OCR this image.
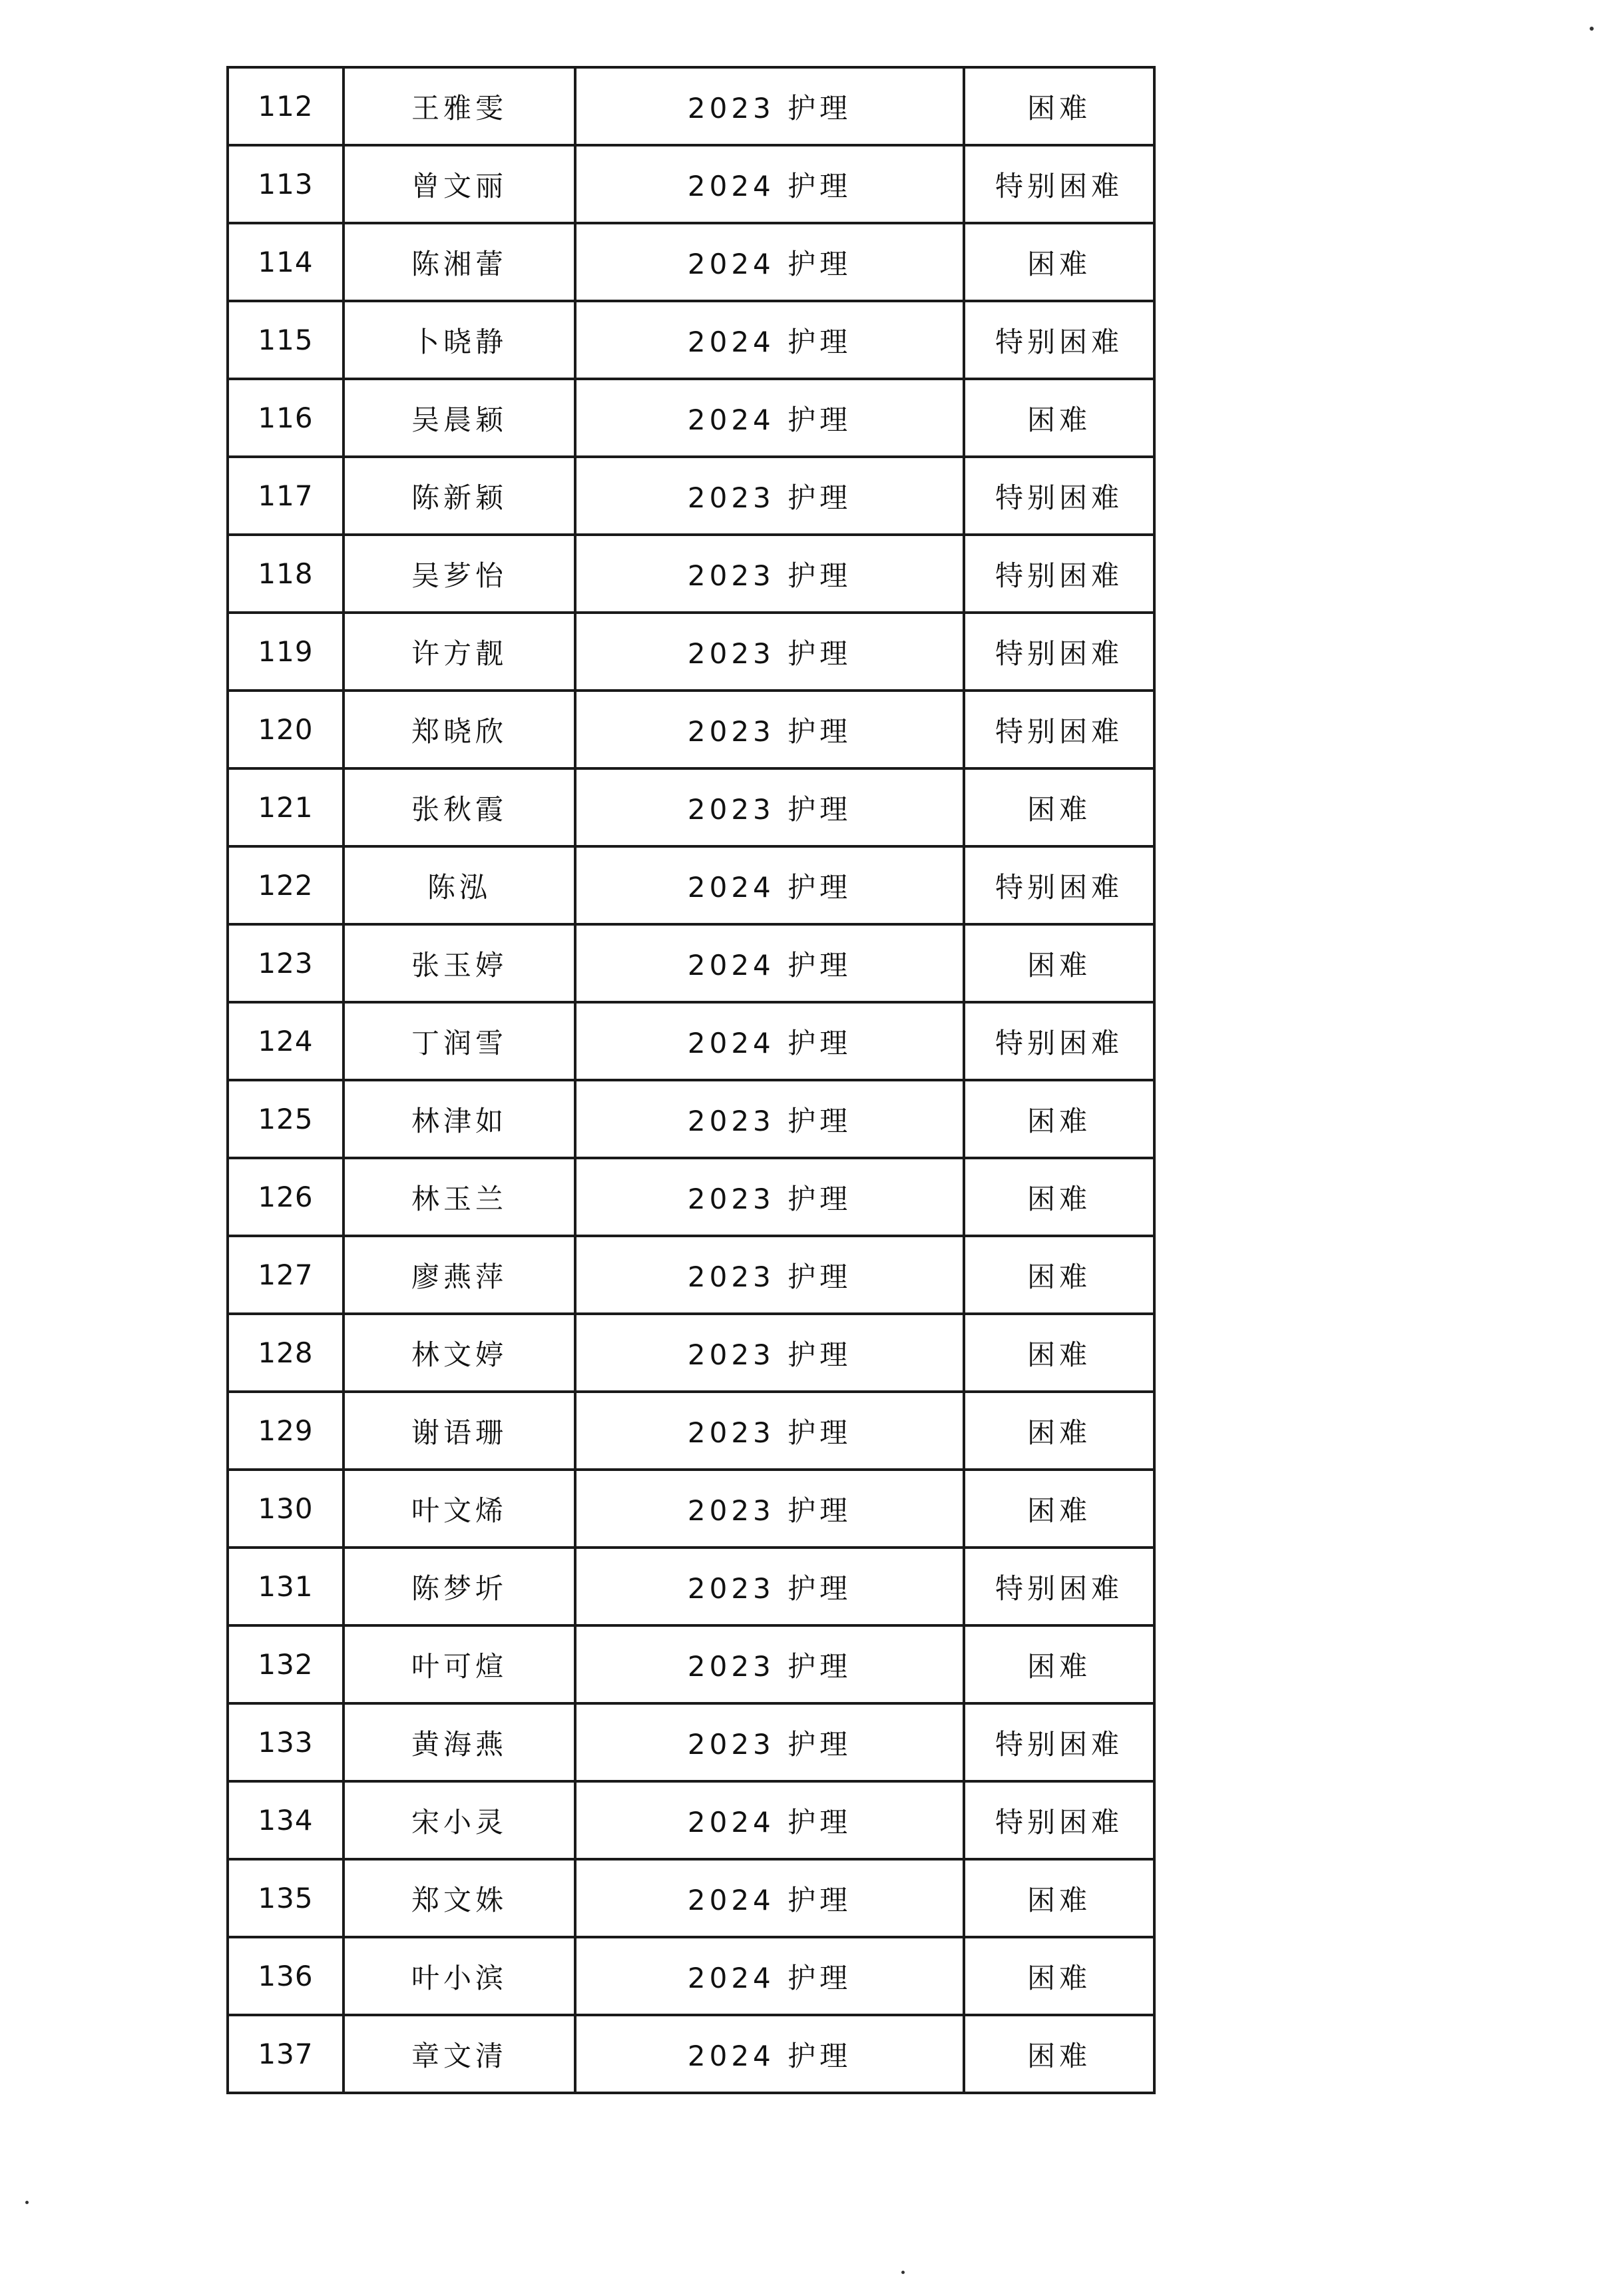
112	王雅雯	2023 护理	困难
113	曾文丽	2024 护理	特别困难
114	陈湘蕾	2024 护理	困难
115	卜晓静	2024 护理	特别困难
116	吴晨颖	2024 护理	困难
117	陈新颖	2023 护理	特别困难
118	吴芗怡	2023 护理	特别困难
119	许方靓	2023 护理	特别困难
120	郑晓欣	2023 护理	特别困难
121	张秋霞	2023 护理	困难
122	陈泓	2024 护理	特别困难
123	张玉婷	2024 护理	困难
124	丁润雪	2024 护理	特别困难
125	林津如	2023 护理	困难
126	林玉兰	2023 护理	困难
127	廖燕萍	2023 护理	困难
128	林文婷	2023 护理	困难
129	谢语珊	2023 护理	困难
130	叶文烯	2023 护理	困难
131	陈梦圻	2023 护理	特别困难
132	叶可煊	2023 护理	困难
133	黄海燕	2023 护理	特别困难
134	宋小灵	2024 护理	特别困难
135	郑文姝	2024 护理	困难
136	叶小滨	2024 护理	困难
137	章文清	2024 护理	困难
